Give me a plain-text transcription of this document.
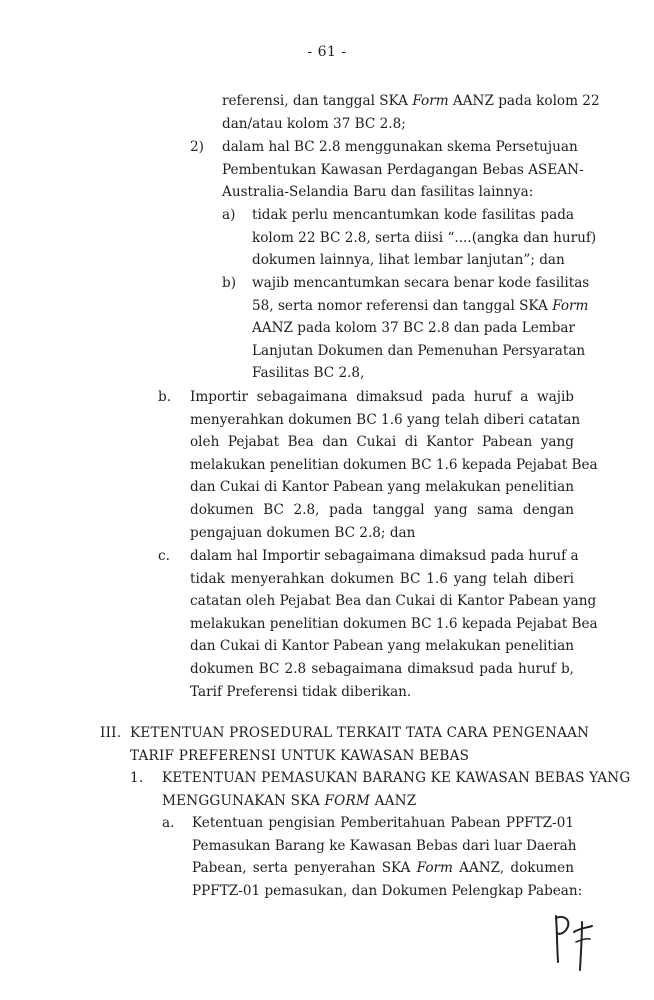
- 61 -
referensi, dan tanggal SKA Form AANZ pada kolom 22
dan/atau kolom 37 BC 2.8;
2) dalam hal BC 2.8 menggunakan skema Persetujuan
Pembentukan Kawasan Perdagangan Bebas ASEAN-
Australia-Selandia Baru dan fasilitas lainnya:
a) tidak perlu mencantumkan kode fasilitas pada
kolom 22 BC 2.8, serta diisi “....(angka dan huruf)
dokumen lainnya, lihat lembar lanjutan”; dan
b) wajib mencantumkan secara benar kode fasilitas
58, serta nomor referensi dan tanggal SKA Form
AANZ pada kolom 37 BC 2.8 dan pada Lembar
Lanjutan Dokumen dan Pemenuhan Persyaratan
Fasilitas BC 2.8,
b. Importir sebagaimana dimaksud pada huruf a wajib
menyerahkan dokumen BC 1.6 yang telah diberi catatan
oleh Pejabat Bea dan Cukai di Kantor Pabean yang
melakukan penelitian dokumen BC 1.6 kepada Pejabat Bea
dan Cukai di Kantor Pabean yang melakukan penelitian
dokumen BC 2.8, pada tanggal yang sama dengan
pengajuan dokumen BC 2.8; dan
c. dalam hal Importir sebagaimana dimaksud pada huruf a
tidak menyerahkan dokumen BC 1.6 yang telah diberi
catatan oleh Pejabat Bea dan Cukai di Kantor Pabean yang
melakukan penelitian dokumen BC 1.6 kepada Pejabat Bea
dan Cukai di Kantor Pabean yang melakukan penelitian
dokumen BC 2.8 sebagaimana dimaksud pada huruf b,
Tarif Preferensi tidak diberikan.
III. KETENTUAN PROSEDURAL TERKAIT TATA CARA PENGENAAN
TARIF PREFERENSI UNTUK KAWASAN BEBAS
1. KETENTUAN PEMASUKAN BARANG KE KAWASAN BEBAS YANG
MENGGUNAKAN SKA FORM AANZ
a. Ketentuan pengisian Pemberitahuan Pabean PPFTZ-01
Pemasukan Barang ke Kawasan Bebas dari luar Daerah
Pabean, serta penyerahan SKA Form AANZ, dokumen
PPFTZ-01 pemasukan, dan Dokumen Pelengkap Pabean:
